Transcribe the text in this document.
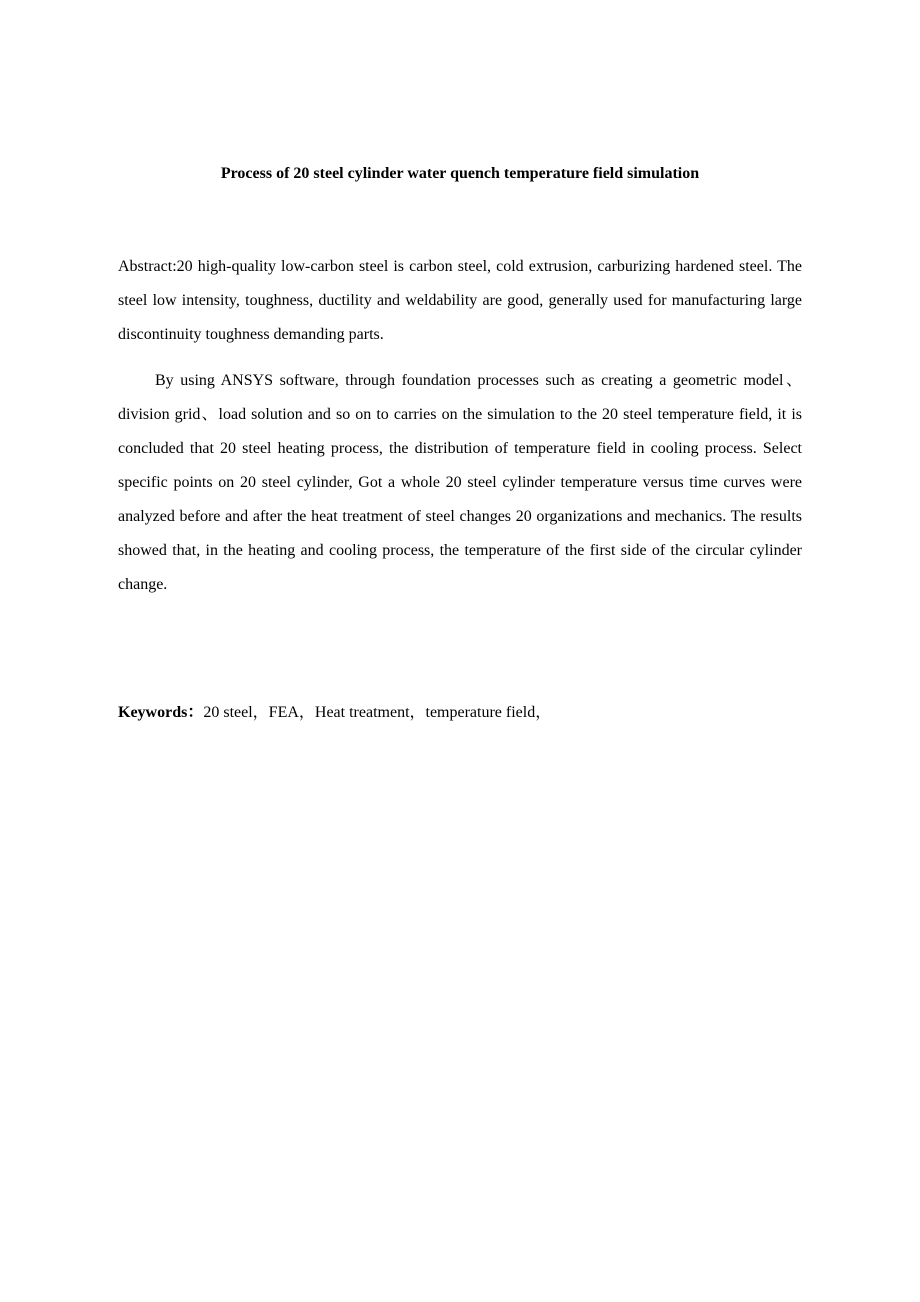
Process of 20 steel cylinder water quench temperature field simulation

Abstract:20 high-quality low-carbon steel is carbon steel, cold extrusion, carburizing hardened steel. The steel low intensity, toughness, ductility and weldability are good, generally used for manufacturing large discontinuity toughness demanding parts.

By using ANSYS software, through foundation processes such as creating a geometric model、division grid、load solution and so on to carries on the simulation to the 20 steel temperature field, it is concluded that 20 steel heating process, the distribution of temperature field in cooling process. Select specific points on 20 steel cylinder, Got a whole 20 steel cylinder temperature versus time curves were analyzed before and after the heat treatment of steel changes 20 organizations and mechanics. The results showed that, in the heating and cooling process, the temperature of the first side of the circular cylinder change.

Keywords：20 steel，FEA，Heat treatment，temperature field，
